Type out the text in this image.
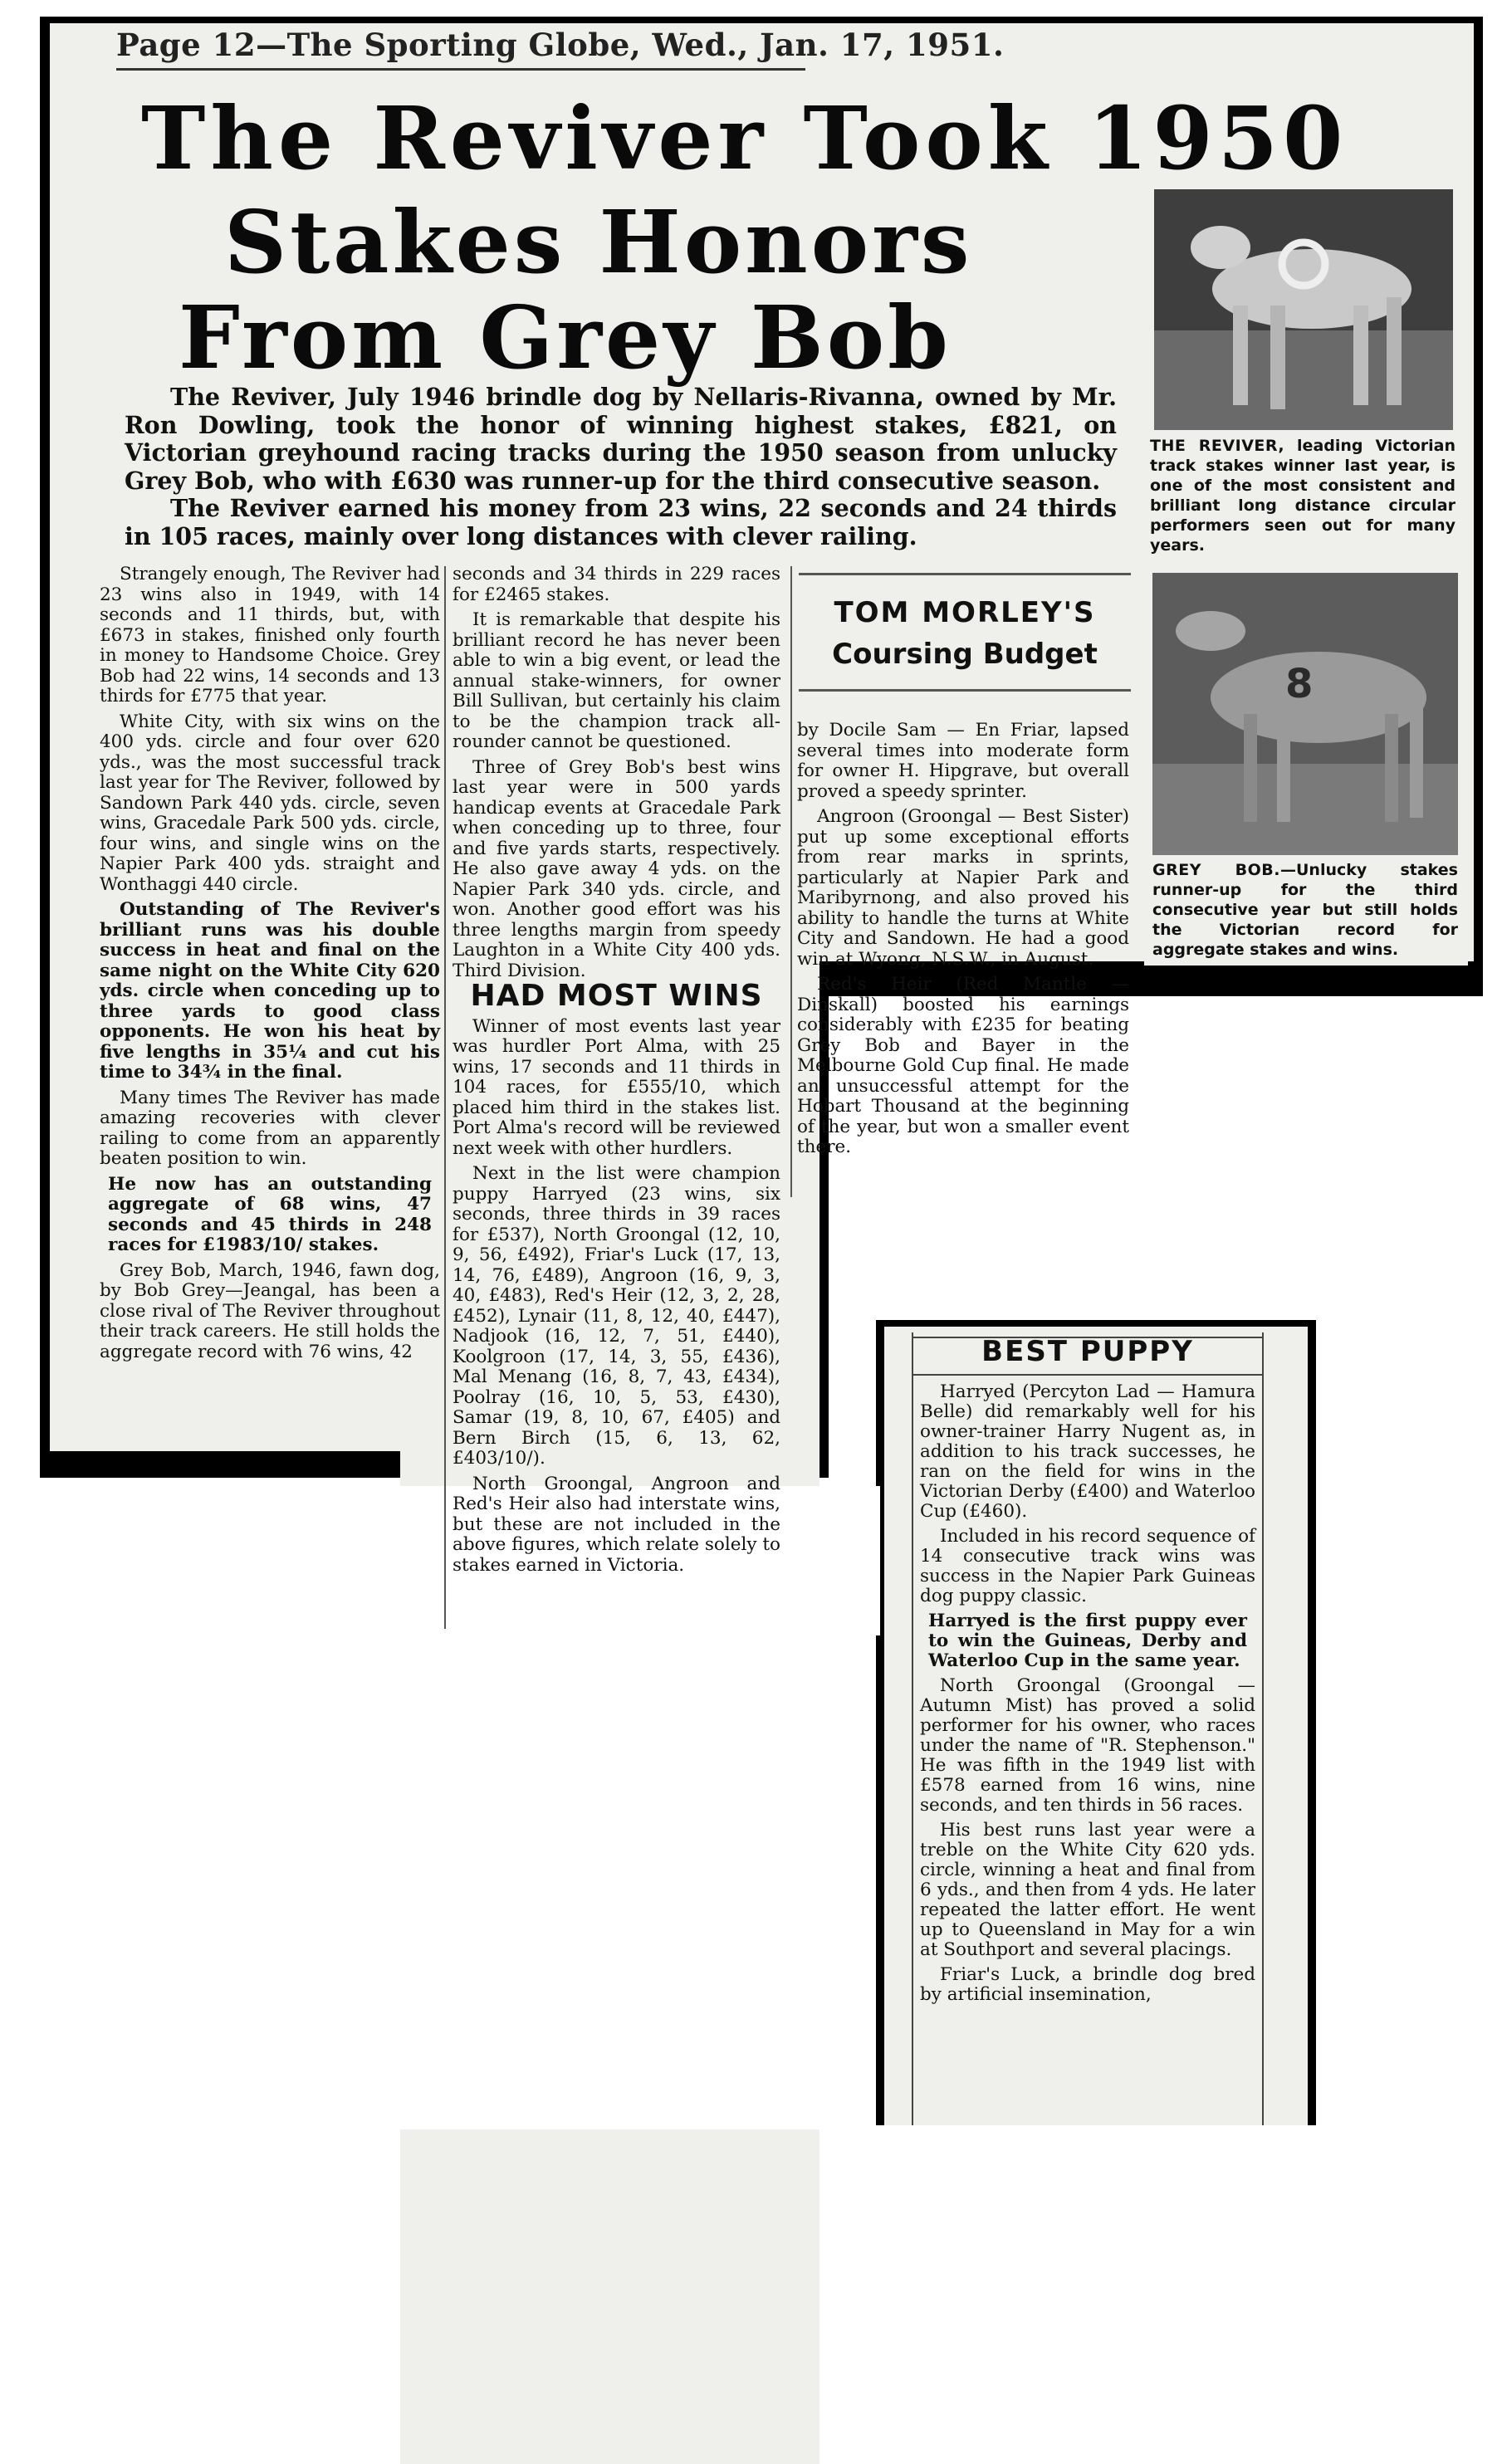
Page 12—The Sporting Globe, Wed., Jan. 17, 1951.
The Reviver Took 1950
Stakes Honors
From Grey Bob

The Reviver, July 1946 brindle dog by Nellaris-Rivanna, owned by Mr. Ron Dowling, took the honor of winning highest stakes, £821, on Victorian greyhound racing tracks during the 1950 season from unlucky Grey Bob, who with £630 was runner-up for the third consecutive season.

The Reviver earned his money from 23 wins, 22 seconds and 24 thirds in 105 races, mainly over long distances with clever railing.

Strangely enough, The Reviver had 23 wins also in 1949, with 14 seconds and 11 thirds, but, with £673 in stakes, finished only fourth in money to Handsome Choice. Grey Bob had 22 wins, 14 seconds and 13 thirds for £775 that year.

White City, with six wins on the 400 yds. circle and four over 620 yds., was the most successful track last year for The Reviver, followed by Sandown Park 440 yds. circle, seven wins, Gracedale Park 500 yds. circle, four wins, and single wins on the Napier Park 400 yds. straight and Wonthaggi 440 circle.

Outstanding of The Reviver's brilliant runs was his double success in heat and final on the same night on the White City 620 yds. circle when conceding up to three yards to good class opponents. He won his heat by five lengths in 35¼ and cut his time to 34¾ in the final.

Many times The Reviver has made amazing recoveries with clever railing to come from an apparently beaten position to win.

He now has an outstanding aggregate of 68 wins, 47 seconds and 45 thirds in 248 races for £1983/10/ stakes.

Grey Bob, March, 1946, fawn dog, by Bob Grey—Jeangal, has been a close rival of The Reviver throughout their track careers. He still holds the aggregate record with 76 wins, 42

seconds and 34 thirds in 229 races for £2465 stakes.

It is remarkable that despite his brilliant record he has never been able to win a big event, or lead the annual stake-winners, for owner Bill Sullivan, but certainly his claim to be the champion track all-rounder cannot be questioned.

Three of Grey Bob's best wins last year were in 500 yards handicap events at Gracedale Park when conceding up to three, four and five yards starts, respectively. He also gave away 4 yds. on the Napier Park 340 yds. circle, and won. Another good effort was his three lengths margin from speedy Laughton in a White City 400 yds. Third Division.

HAD MOST WINS

Winner of most events last year was hurdler Port Alma, with 25 wins, 17 seconds and 11 thirds in 104 races, for £555/10, which placed him third in the stakes list. Port Alma's record will be reviewed next week with other hurdlers.

Next in the list were champion puppy Harryed (23 wins, six seconds, three thirds in 39 races for £537), North Groongal (12, 10, 9, 56, £492), Friar's Luck (17, 13, 14, 76, £489), Angroon (16, 9, 3, 40, £483), Red's Heir (12, 3, 2, 28, £452), Lynair (11, 8, 12, 40, £447), Nadjook (16, 12, 7, 51, £440), Koolgroon (17, 14, 3, 55, £436), Mal Menang (16, 8, 7, 43, £434), Poolray (16, 10, 5, 53, £430), Samar (19, 8, 10, 67, £405) and Bern Birch (15, 6, 13, 62, £403/10/).

North Groongal, Angroon and Red's Heir also had interstate wins, but these are not included in the above figures, which relate solely to stakes earned in Victoria.

TOM MORLEY'S
Coursing Budget

by Docile Sam — En Friar, lapsed several times into moderate form for owner H. Hipgrave, but overall proved a speedy sprinter.

Angroon (Groongal — Best Sister) put up some exceptional efforts from rear marks in sprints, particularly at Napier Park and Maribyrnong, and also proved his ability to handle the turns at White City and Sandown. He had a good win at Wyong, N.S.W., in August.

Red's Heir (Red Mantle — Dinskall) boosted his earnings considerably with £235 for beating Grey Bob and Bayer in the Melbourne Gold Cup final. He made an unsuccessful attempt for the Hobart Thousand at the beginning of the year, but won a smaller event there.

THE REVIVER, leading Victorian track stakes winner last year, is one of the most consistent and brilliant long distance circular performers seen out for many years.
8
GREY BOB.—Unlucky stakes runner-up for the third consecutive year but still holds the Victorian record for aggregate stakes and wins.
BEST PUPPY

Harryed (Percyton Lad — Hamura Belle) did remarkably well for his owner-trainer Harry Nugent as, in addition to his track successes, he ran on the field for wins in the Victorian Derby (£400) and Waterloo Cup (£460).

Included in his record sequence of 14 consecutive track wins was success in the Napier Park Guineas dog puppy classic.

Harryed is the first puppy ever to win the Guineas, Derby and Waterloo Cup in the same year.

North Groongal (Groongal —Autumn Mist) has proved a solid performer for his owner, who races under the name of "R. Stephenson." He was fifth in the 1949 list with £578 earned from 16 wins, nine seconds, and ten thirds in 56 races.

His best runs last year were a treble on the White City 620 yds. circle, winning a heat and final from 6 yds., and then from 4 yds. He later repeated the latter effort. He went up to Queensland in May for a win at Southport and several placings.

Friar's Luck, a brindle dog bred by artificial insemination,
